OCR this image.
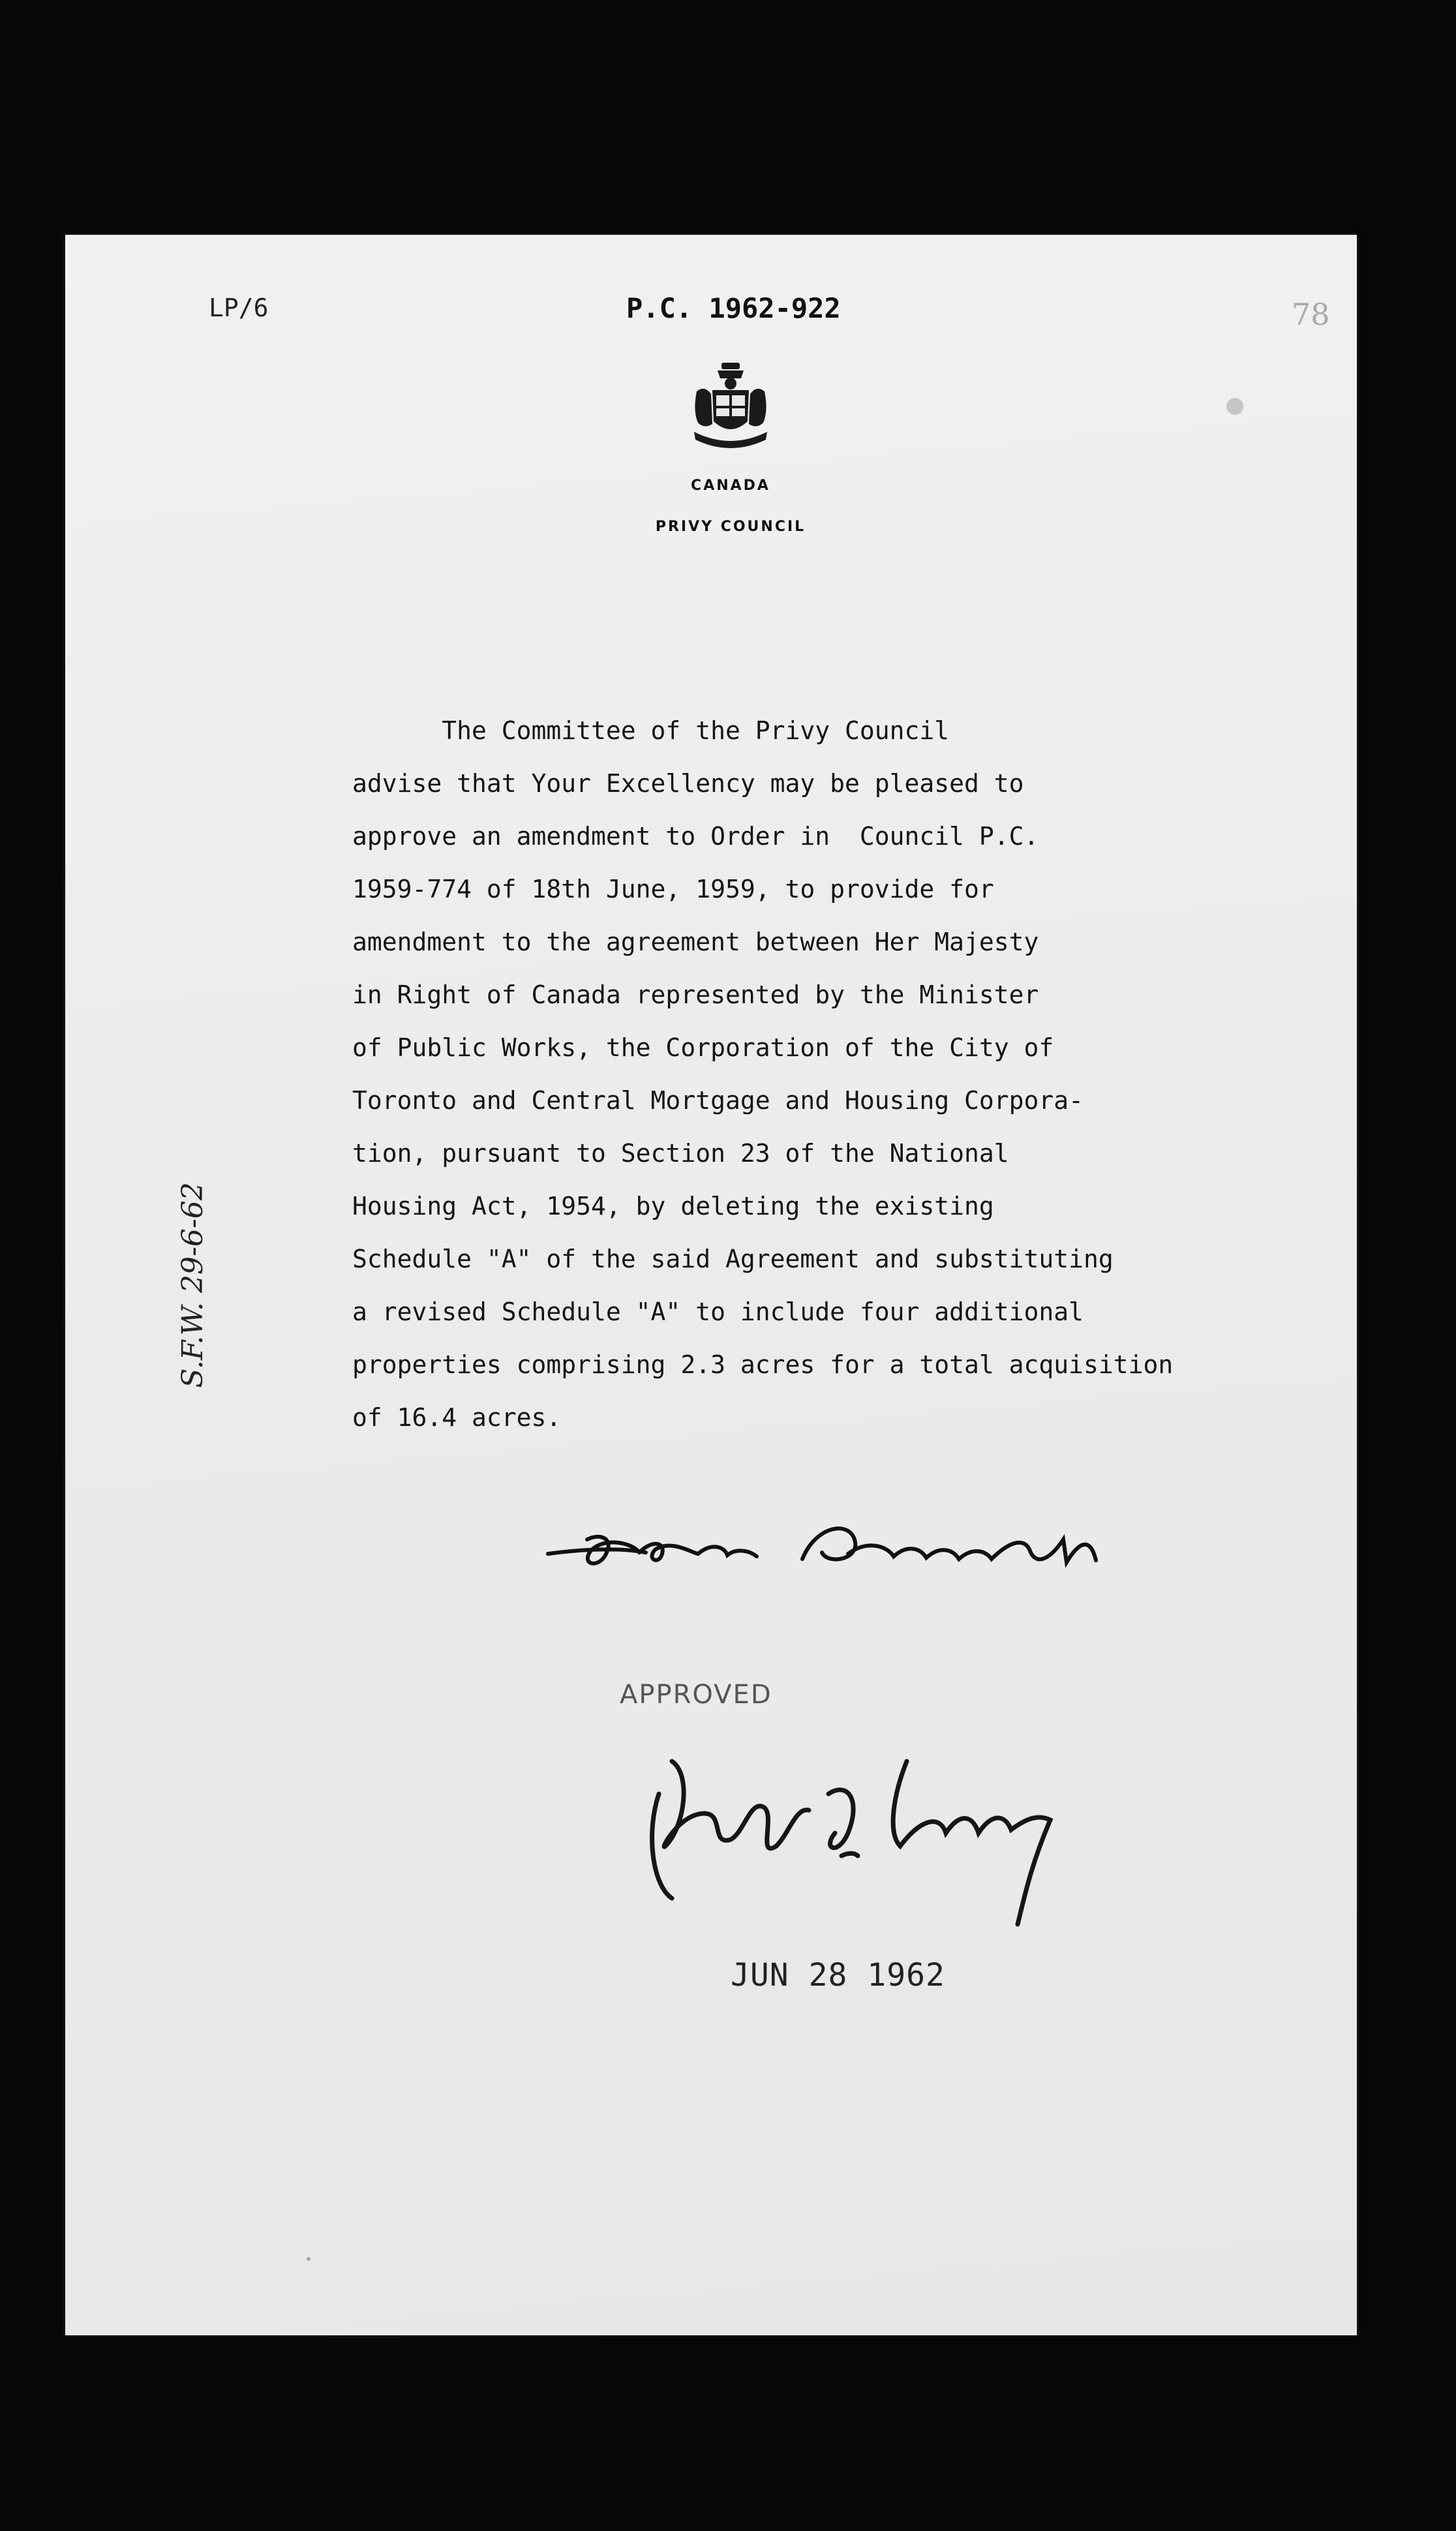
LP/6	P.C. 1962-922	78
CANADA
PRIVY COUNCIL
The Committee of the Privy Council
advise that Your Excellency may be pleased to
approve an amendment to Order in  Council P.C.
1959-774 of 18th June, 1959, to provide for
amendment to the agreement between Her Majesty
in Right of Canada represented by the Minister
of Public Works, the Corporation of the City of
Toronto and Central Mortgage and Housing Corpora-
tion, pursuant to Section 23 of the National
Housing Act, 1954, by deleting the existing
Schedule "A" of the said Agreement and substituting
a revised Schedule "A" to include four additional
properties comprising 2.3 acres for a total acquisition
of 16.4 acres.
S.F.W. 29-6-62
APPROVED
JUN 28 1962
